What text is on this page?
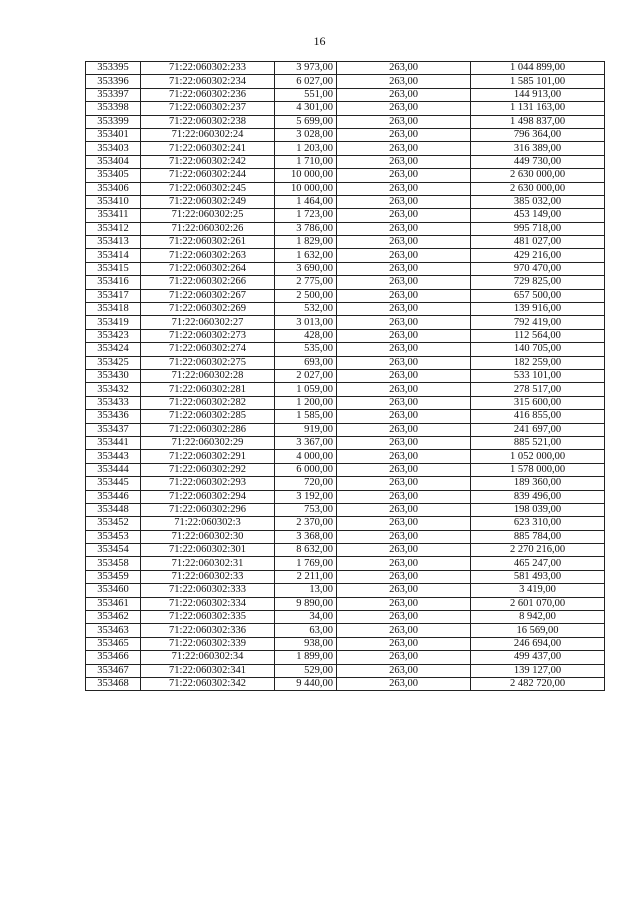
16
353395	71:22:060302:233	3 973,00	263,00	1 044 899,00
353396	71:22:060302:234	6 027,00	263,00	1 585 101,00
353397	71:22:060302:236	551,00	263,00	144 913,00
353398	71:22:060302:237	4 301,00	263,00	1 131 163,00
353399	71:22:060302:238	5 699,00	263,00	1 498 837,00
353401	71:22:060302:24	3 028,00	263,00	796 364,00
353403	71:22:060302:241	1 203,00	263,00	316 389,00
353404	71:22:060302:242	1 710,00	263,00	449 730,00
353405	71:22:060302:244	10 000,00	263,00	2 630 000,00
353406	71:22:060302:245	10 000,00	263,00	2 630 000,00
353410	71:22:060302:249	1 464,00	263,00	385 032,00
353411	71:22:060302:25	1 723,00	263,00	453 149,00
353412	71:22:060302:26	3 786,00	263,00	995 718,00
353413	71:22:060302:261	1 829,00	263,00	481 027,00
353414	71:22:060302:263	1 632,00	263,00	429 216,00
353415	71:22:060302:264	3 690,00	263,00	970 470,00
353416	71:22:060302:266	2 775,00	263,00	729 825,00
353417	71:22:060302:267	2 500,00	263,00	657 500,00
353418	71:22:060302:269	532,00	263,00	139 916,00
353419	71:22:060302:27	3 013,00	263,00	792 419,00
353423	71:22:060302:273	428,00	263,00	112 564,00
353424	71:22:060302:274	535,00	263,00	140 705,00
353425	71:22:060302:275	693,00	263,00	182 259,00
353430	71:22:060302:28	2 027,00	263,00	533 101,00
353432	71:22:060302:281	1 059,00	263,00	278 517,00
353433	71:22:060302:282	1 200,00	263,00	315 600,00
353436	71:22:060302:285	1 585,00	263,00	416 855,00
353437	71:22:060302:286	919,00	263,00	241 697,00
353441	71:22:060302:29	3 367,00	263,00	885 521,00
353443	71:22:060302:291	4 000,00	263,00	1 052 000,00
353444	71:22:060302:292	6 000,00	263,00	1 578 000,00
353445	71:22:060302:293	720,00	263,00	189 360,00
353446	71:22:060302:294	3 192,00	263,00	839 496,00
353448	71:22:060302:296	753,00	263,00	198 039,00
353452	71:22:060302:3	2 370,00	263,00	623 310,00
353453	71:22:060302:30	3 368,00	263,00	885 784,00
353454	71:22:060302:301	8 632,00	263,00	2 270 216,00
353458	71:22:060302:31	1 769,00	263,00	465 247,00
353459	71:22:060302:33	2 211,00	263,00	581 493,00
353460	71:22:060302:333	13,00	263,00	3 419,00
353461	71:22:060302:334	9 890,00	263,00	2 601 070,00
353462	71:22:060302:335	34,00	263,00	8 942,00
353463	71:22:060302:336	63,00	263,00	16 569,00
353465	71:22:060302:339	938,00	263,00	246 694,00
353466	71:22:060302:34	1 899,00	263,00	499 437,00
353467	71:22:060302:341	529,00	263,00	139 127,00
353468	71:22:060302:342	9 440,00	263,00	2 482 720,00
